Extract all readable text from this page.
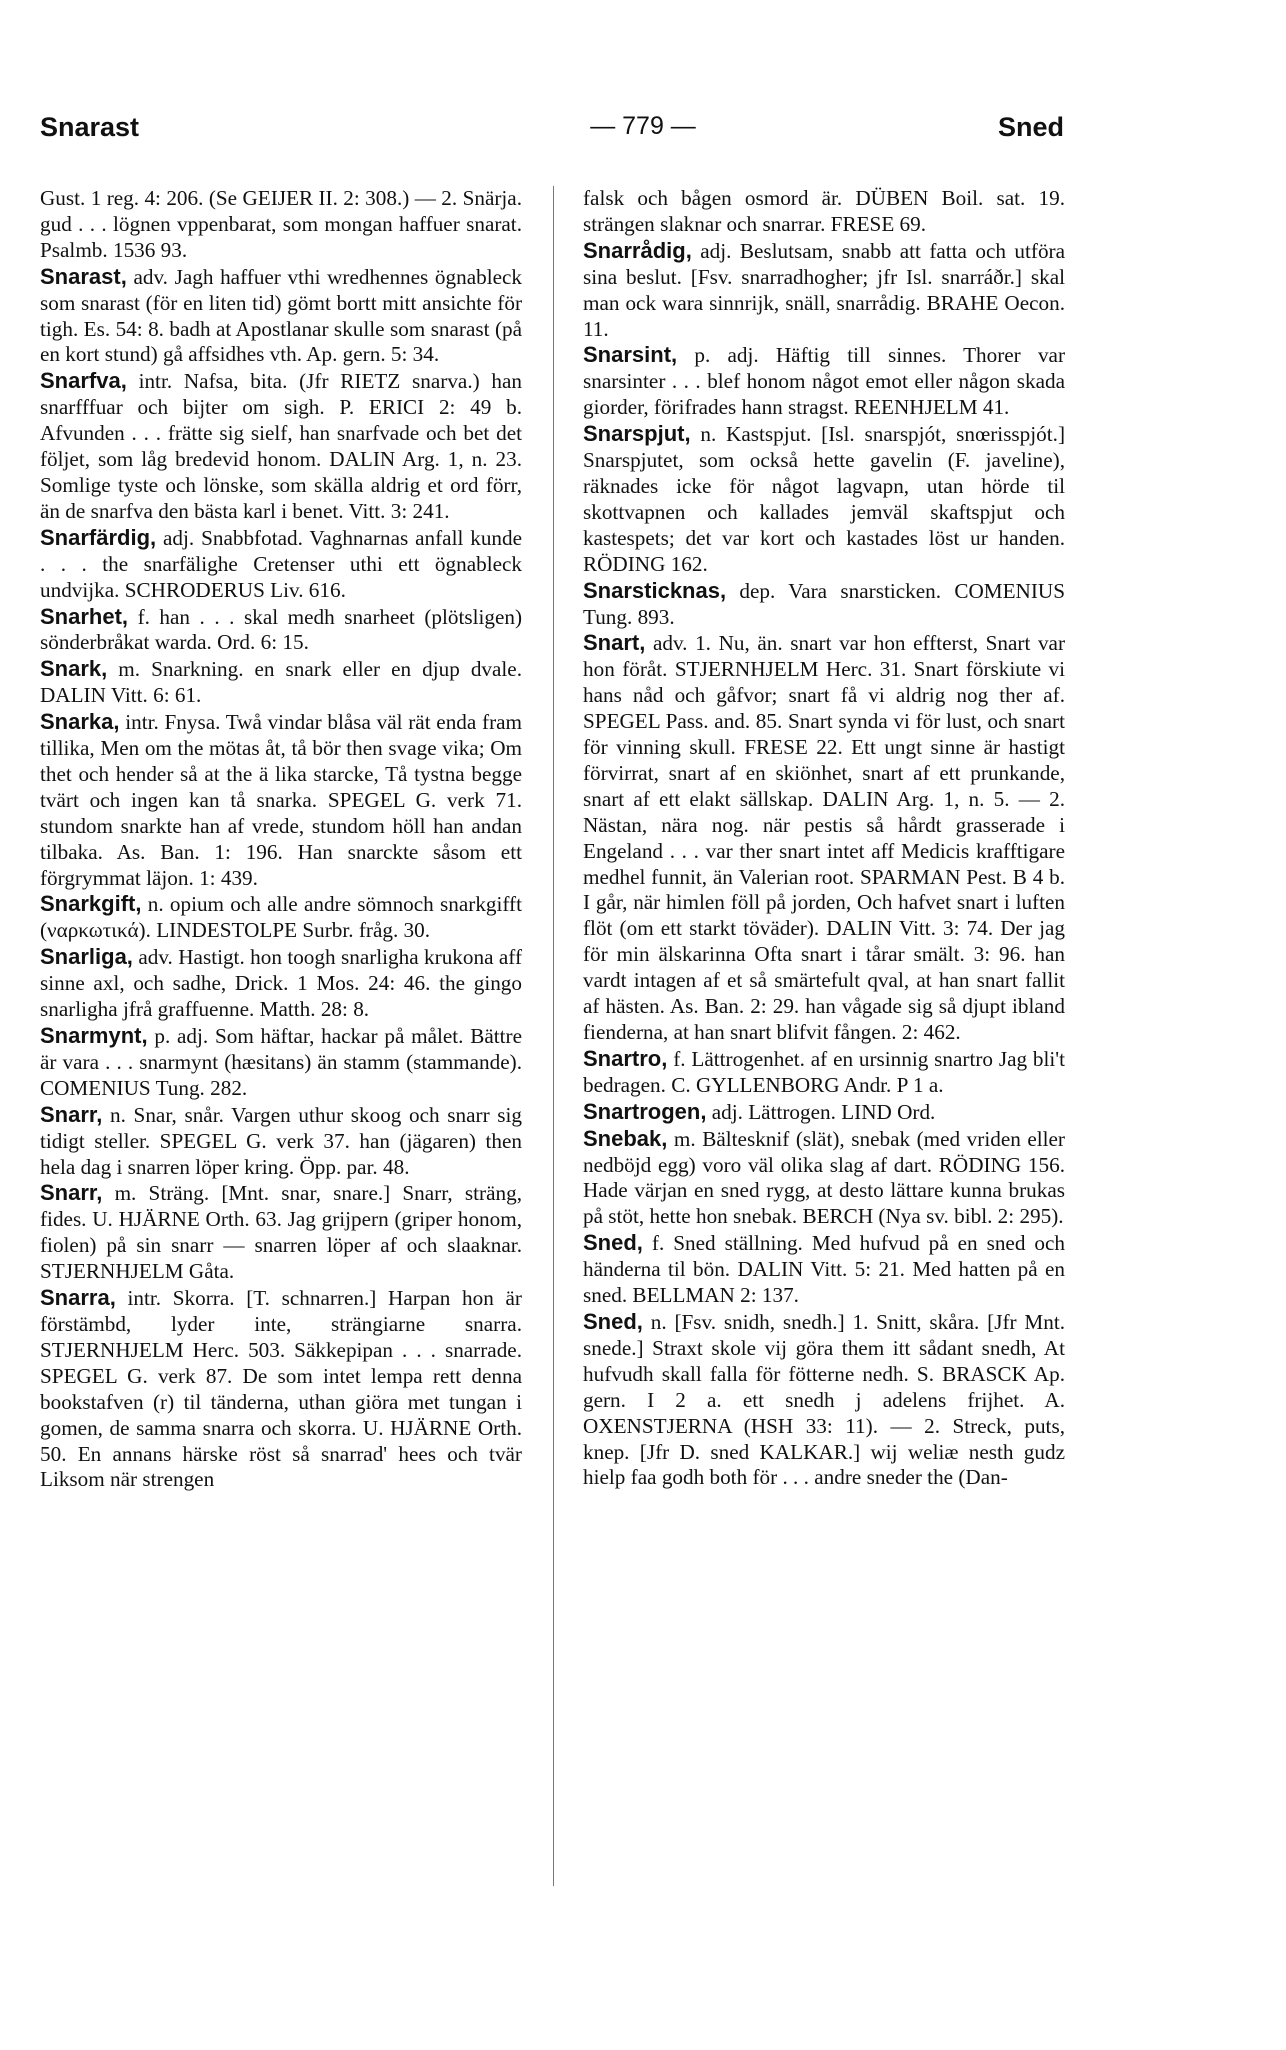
Snarast	— 779 —	Sned

Gust. 1 reg. 4: 206. (Se GEIJER II. 2: 308.) — 2. Snärja. gud . . . lögnen vppenbarat, som mongan haffuer snarat. Psalmb. 1536 93.

Snarast, adv. Jagh haffuer vthi wredhennes ögnableck som snarast (för en liten tid) gömt bortt mitt ansichte för tigh. Es. 54: 8. badh at Apostlanar skulle som snarast (på en kort stund) gå affsidhes vth. Ap. gern. 5: 34.

Snarfva, intr. Nafsa, bita. (Jfr RIETZ snarva.) han snarfffuar och bijter om sigh. P. ERICI 2: 49 b. Afvunden . . . frätte sig sielf, han snarfvade och bet det följet, som låg bredevid honom. DALIN Arg. 1, n. 23. Somlige tyste och lönske, som skälla aldrig et ord förr, än de snarfva den bästa karl i benet. Vitt. 3: 241.

Snarfärdig, adj. Snabbfotad. Vaghnarnas anfall kunde . . . the snarfälighe Cretenser uthi ett ögnableck undvijka. SCHRODERUS Liv. 616.

Snarhet, f. han . . . skal medh snarheet (plötsligen) sönderbråkat warda. Ord. 6: 15.

Snark, m. Snarkning. en snark eller en djup dvale. DALIN Vitt. 6: 61.

Snarka, intr. Fnysa. Twå vindar blåsa väl rät enda fram tillika, Men om the mötas åt, tå bör then svage vika; Om thet och hender så at the ä lika starcke, Tå tystna begge tvärt och ingen kan tå snarka. SPEGEL G. verk 71. stundom snarkte han af vrede, stundom höll han andan tilbaka. As. Ban. 1: 196. Han snarckte såsom ett förgrymmat läjon. 1: 439.

Snarkgift, n. opium och alle andre sömnoch snarkgifft (ναρκωτικά). LINDESTOLPE Surbr. fråg. 30.

Snarliga, adv. Hastigt. hon toogh snarligha krukona aff sinne axl, och sadhe, Drick. 1 Mos. 24: 46. the gingo snarligha jfrå graffuenne. Matth. 28: 8.

Snarmynt, p. adj. Som häftar, hackar på målet. Bättre är vara . . . snarmynt (hæsitans) än stamm (stammande). COMENIUS Tung. 282.

Snarr, n. Snar, snår. Vargen uthur skoog och snarr sig tidigt steller. SPEGEL G. verk 37. han (jägaren) then hela dag i snarren löper kring. Öpp. par. 48.

Snarr, m. Sträng. [Mnt. snar, snare.] Snarr, sträng, fides. U. HJÄRNE Orth. 63. Jag grijpern (griper honom, fiolen) på sin snarr — snarren löper af och slaaknar. STJERNHJELM Gåta.

Snarra, intr. Skorra. [T. schnarren.] Harpan hon är förstämbd, lyder inte, strängiarne snarra. STJERNHJELM Herc. 503. Säkkepipan . . . snarrade. SPEGEL G. verk 87. De som intet lempa rett denna bookstafven (r) til tänderna, uthan giöra met tungan i gomen, de samma snarra och skorra. U. HJÄRNE Orth. 50. En annans härske röst så snarrad' hees och tvär Liksom när strengen

falsk och bågen osmord är. DÜBEN Boil. sat. 19. strängen slaknar och snarrar. FRESE 69.

Snarrådig, adj. Beslutsam, snabb att fatta och utföra sina beslut. [Fsv. snarradhogher; jfr Isl. snarráðr.] skal man ock wara sinnrijk, snäll, snarrådig. BRAHE Oecon. 11.

Snarsint, p. adj. Häftig till sinnes. Thorer var snarsinter . . . blef honom något emot eller någon skada giorder, förifrades hann stragst. REENHJELM 41.

Snarspjut, n. Kastspjut. [Isl. snarspjót, snœrisspjót.] Snarspjutet, som också hette gavelin (F. javeline), räknades icke för något lagvapn, utan hörde til skottvapnen och kallades jemväl skaftspjut och kastespets; det var kort och kastades löst ur handen. RÖDING 162.

Snarsticknas, dep. Vara snarsticken. COMENIUS Tung. 893.

Snart, adv. 1. Nu, än. snart var hon effterst, Snart var hon föråt. STJERNHJELM Herc. 31. Snart förskiute vi hans nåd och gåfvor; snart få vi aldrig nog ther af. SPEGEL Pass. and. 85. Snart synda vi för lust, och snart för vinning skull. FRESE 22. Ett ungt sinne är hastigt förvirrat, snart af en skiönhet, snart af ett prunkande, snart af ett elakt sällskap. DALIN Arg. 1, n. 5. — 2. Nästan, nära nog. när pestis så hårdt grasserade i Engeland . . . var ther snart intet aff Medicis krafftigare medhel funnit, än Valerian root. SPARMAN Pest. B 4 b. I går, när himlen föll på jorden, Och hafvet snart i luften flöt (om ett starkt töväder). DALIN Vitt. 3: 74. Der jag för min älskarinna Ofta snart i tårar smält. 3: 96. han vardt intagen af et så smärtefult qval, at han snart fallit af hästen. As. Ban. 2: 29. han vågade sig så djupt ibland fienderna, at han snart blifvit fången. 2: 462.

Snartro, f. Lättrogenhet. af en ursinnig snartro Jag bli't bedragen. C. GYLLENBORG Andr. P 1 a.

Snartrogen, adj. Lättrogen. LIND Ord.

Snebak, m. Bältesknif (slät), snebak (med vriden eller nedböjd egg) voro väl olika slag af dart. RÖDING 156. Hade värjan en sned rygg, at desto lättare kunna brukas på stöt, hette hon snebak. BERCH (Nya sv. bibl. 2: 295).

Sned, f. Sned ställning. Med hufvud på en sned och händerna til bön. DALIN Vitt. 5: 21. Med hatten på en sned. BELLMAN 2: 137.

Sned, n. [Fsv. snidh, snedh.] 1. Snitt, skåra. [Jfr Mnt. snede.] Straxt skole vij göra them itt sådant snedh, At hufvudh skall falla för fötterne nedh. S. BRASCK Ap. gern. I 2 a. ett snedh j adelens frijhet. A. OXENSTJERNA (HSH 33: 11). — 2. Streck, puts, knep. [Jfr D. sned KALKAR.] wij weliæ nesth gudz hielp faa godh both för . . . andre sneder the (Dan-
